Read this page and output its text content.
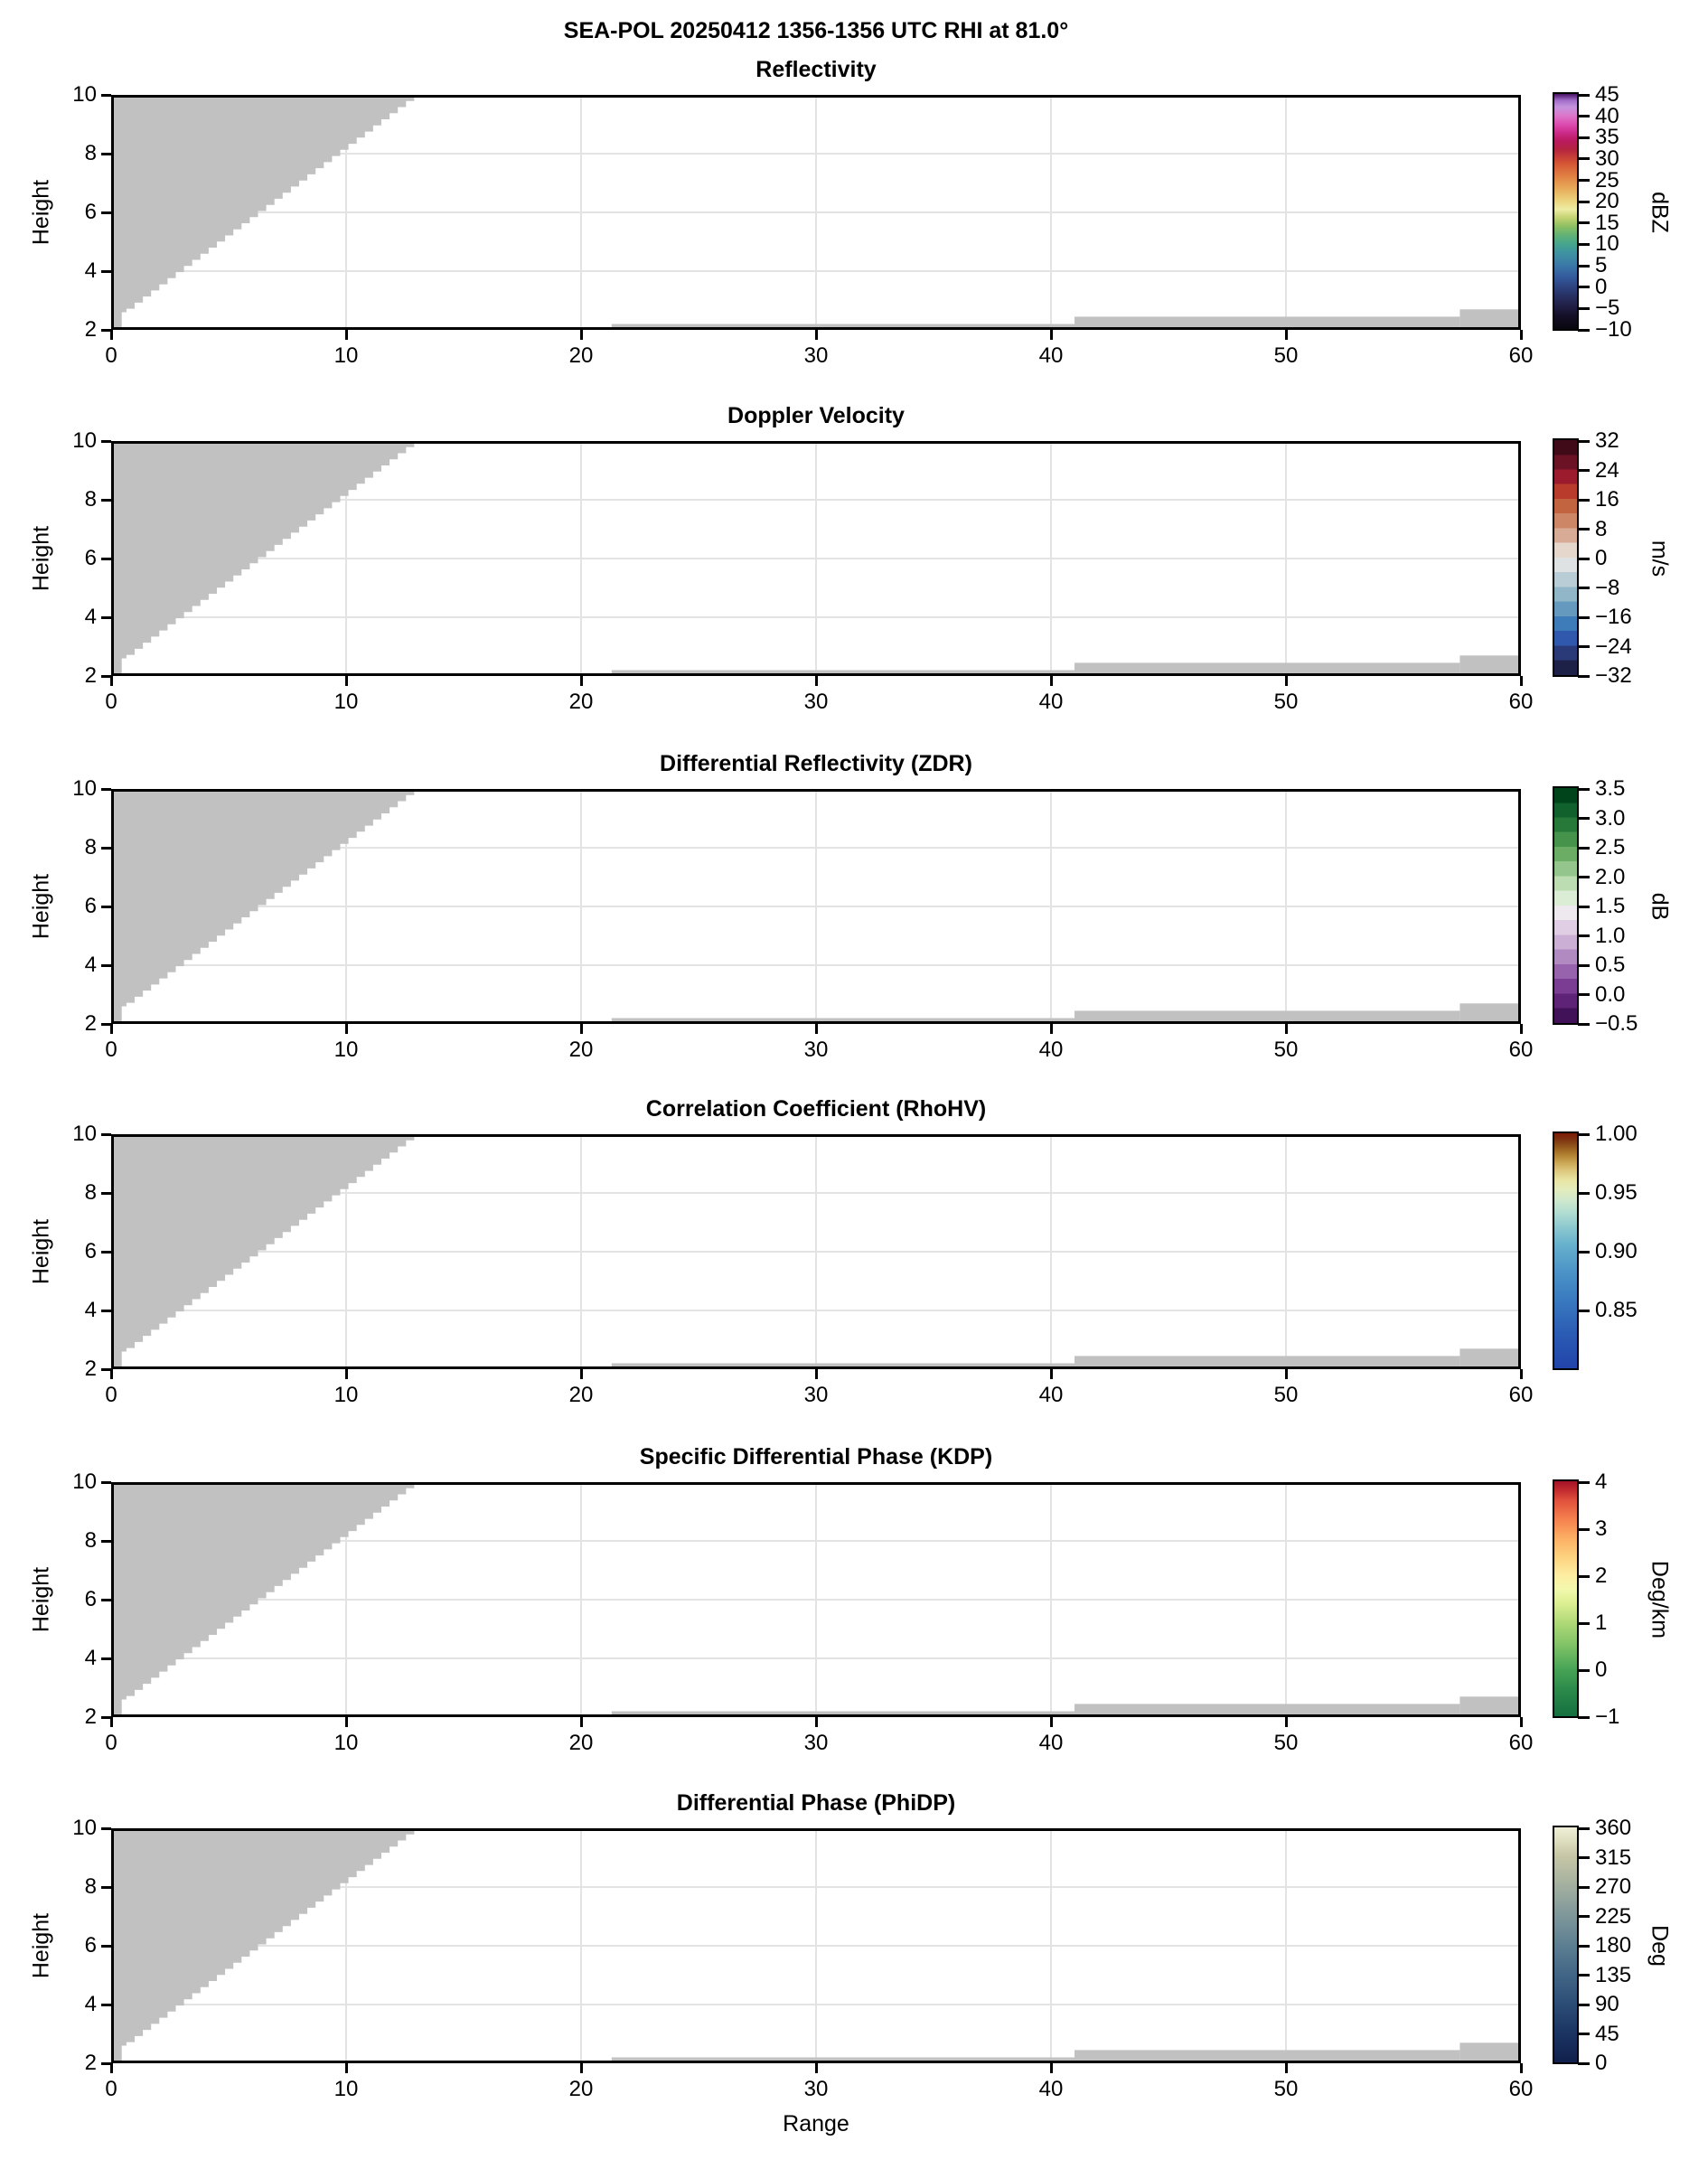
SEA-POL 20250412 1356-1356 UTC RHI at 81.0°
Reflectivity
Height	dBZ
0	10	20	30	40	50	60
2
4
6
8
10	45
40
35
30
25
20
15
10
5
0
−5
−10
Doppler Velocity
Height	m/s
0	10	20	30	40	50	60
2
4
6
8
10	32
24
16
8
0
−8
−16
−24
−32
Differential Reflectivity (ZDR)
Height	dB
0	10	20	30	40	50	60
2
4
6
8
10	3.5
3.0
2.5
2.0
1.5
1.0
0.5
0.0
−0.5
Correlation Coefficient (RhoHV)
Height
0	10	20	30	40	50	60
2
4
6
8
10	1.00
0.95
0.90
0.85
Specific Differential Phase (KDP)
Height	Deg/km
0	10	20	30	40	50	60
2
4
6
8
10	4
3
2
1
0
−1
Differential Phase (PhiDP)
Height	Deg
0	10	20	30	40	50	60
2
4
6
8
10	360
315
270
225
180
135
90
45
0
Range
